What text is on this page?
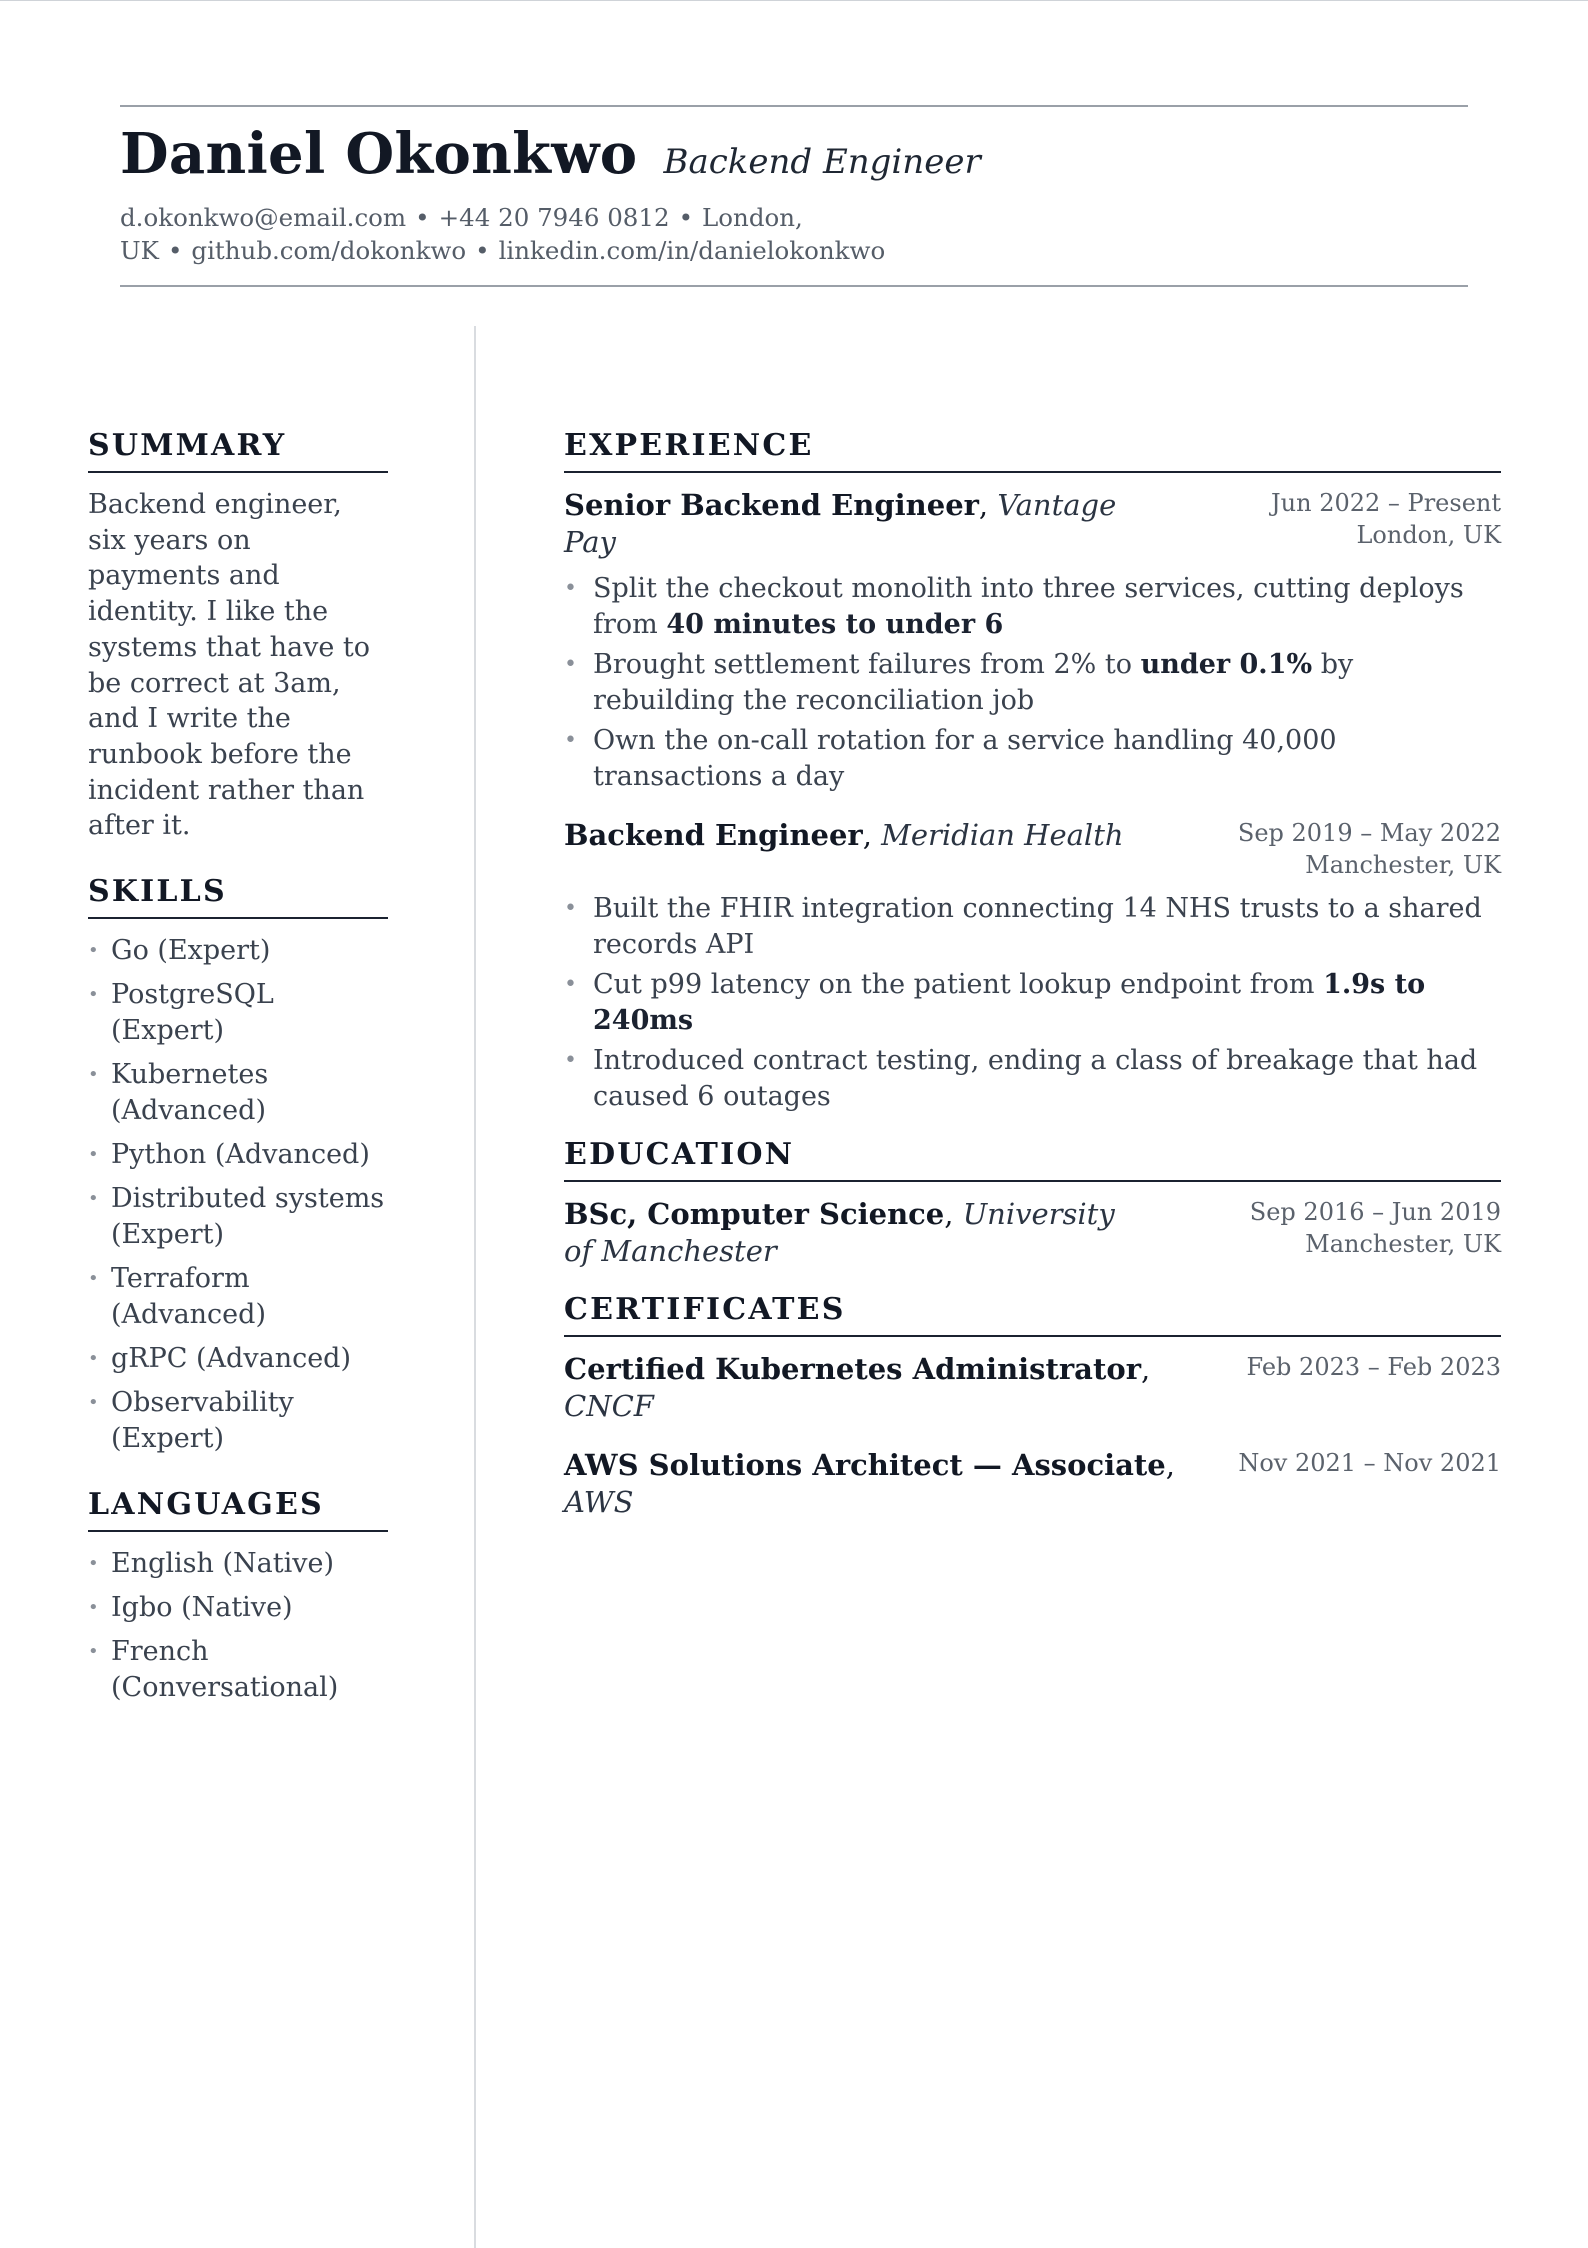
Daniel Okonkwo Backend Engineer
d.okonkwo@email.com • +44 20 7946 0812 • London,
UK • github.com/dokonkwo • linkedin.com/in/danielokonkwo
SUMMARY
Backend engineer, six years on payments and identity. I like the systems that have to be correct at 3am, and I write the runbook before the incident rather than after it.
SKILLS
• Go (Expert)
• PostgreSQL (Expert)
• Kubernetes (Advanced)
• Python (Advanced)
• Distributed systems (Expert)
• Terraform (Advanced)
• gRPC (Advanced)
• Observability (Expert)
LANGUAGES
• English (Native)
• Igbo (Native)
• French (Conversational)
EXPERIENCE
Senior Backend Engineer, Vantage Pay
Jun 2022 – Present
London, UK
• Split the checkout monolith into three services, cutting deploys from 40 minutes to under 6
• Brought settlement failures from 2% to under 0.1% by rebuilding the reconciliation job
• Own the on-call rotation for a service handling 40,000 transactions a day
Backend Engineer, Meridian Health	Sep 2019 – May 2022
Manchester, UK
• Built the FHIR integration connecting 14 NHS trusts to a shared records API
• Cut p99 latency on the patient lookup endpoint from 1.9s to 240ms
• Introduced contract testing, ending a class of breakage that had caused 6 outages
EDUCATION
BSc, Computer Science, University of Manchester
Sep 2016 – Jun 2019
Manchester, UK
CERTIFICATES
Certified Kubernetes Administrator, CNCF
Feb 2023 – Feb 2023
AWS Solutions Architect — Associate, AWS
Nov 2021 – Nov 2021
